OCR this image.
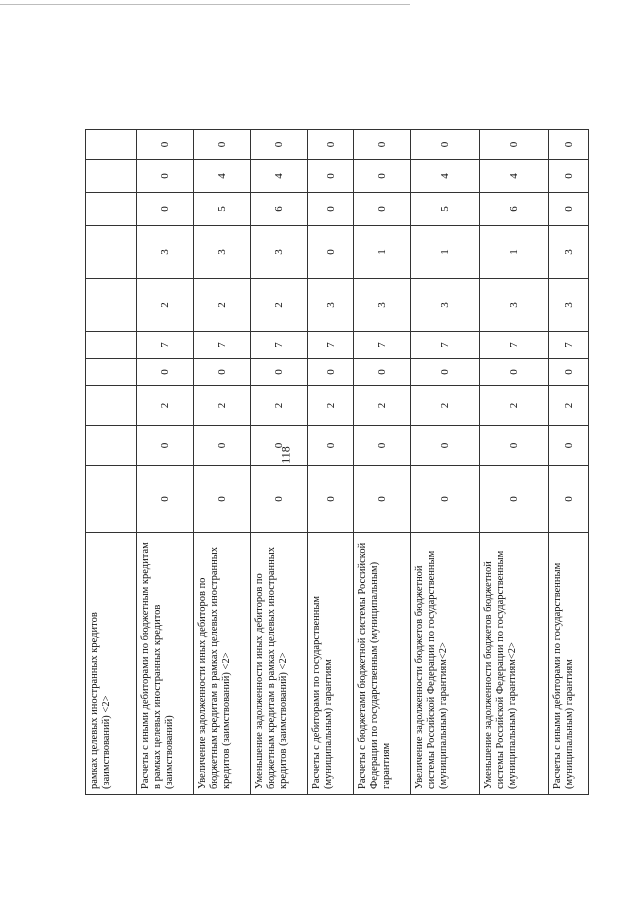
118
рамках целевых иностранных кредитов (заимствований) <2>										
Расчеты с иными дебиторами по бюджетным кредитам в рамках целевых иностранных кредитов (заимствований)	0	0	2	0	7	2	3	0	0	0
Увеличение задолженности иных дебиторов по бюджетным кредитам в рамках целевых иностранных кредитов (заимствований) <2>	0	0	2	0	7	2	3	5	4	0
Уменьшение задолженности иных дебиторов по бюджетным кредитам в рамках целевых иностранных кредитов (заимствований) <2>	0	0	2	0	7	2	3	6	4	0
Расчеты с дебиторами по государственным (муниципальным) гарантиям	0	0	2	0	7	3	0	0	0	0
Расчеты с бюджетами бюджетной системы Российской Федерации по государственным (муниципальным) гарантиям	0	0	2	0	7	3	1	0	0	0
Увеличение задолженности бюджетов бюджетной системы Российской Федерации по государственным (муниципальным) гарантиям<2>	0	0	2	0	7	3	1	5	4	0
Уменьшение задолженности бюджетов бюджетной системы Российской Федерации по государственным (муниципальным) гарантиям<2>	0	0	2	0	7	3	1	6	4	0
Расчеты с иными дебиторами по государственным (муниципальным) гарантиям	0	0	2	0	7	3	3	0	0	0
